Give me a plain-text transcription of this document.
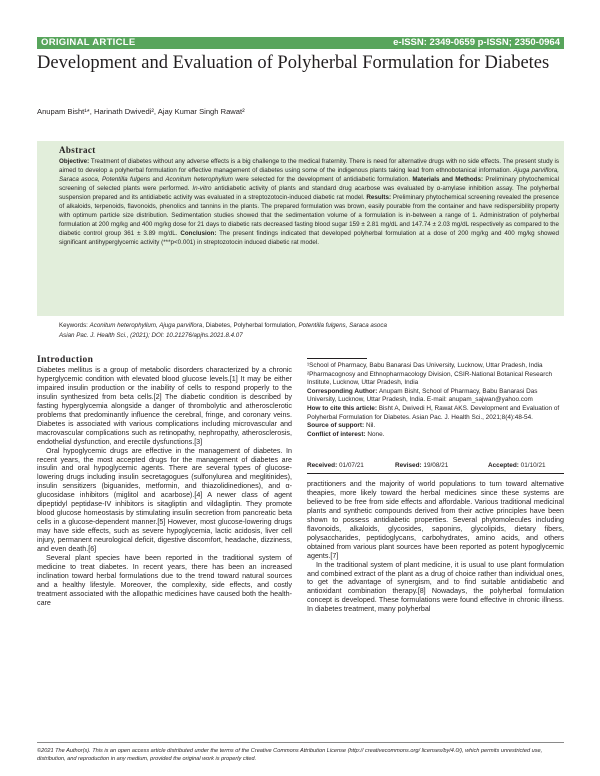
ORIGINAL ARTICLE	e-ISSN: 2349-0659 p-ISSN; 2350-0964
Development and Evaluation of Polyherbal Formulation for Diabetes
Anupam Bisht¹*, Harinath Dwivedi², Ajay Kumar Singh Rawat²
Abstract
Objective: Treatment of diabetes without any adverse effects is a big challenge to the medical fraternity. There is need for alternative drugs with no side effects. The present study is aimed to develop a polyherbal formulation for effective management of diabetes using some of the indigenous plants taking lead from ethnobotanical information. Ajuga parviflora, Saraca asoca, Potentilla fulgens and Aconitum heterophyllum were selected for the development of antidiabetic formulation. Materials and Methods: Preliminary phytochemical screening of selected plants were performed. In-vitro antidiabetic activity of plants and standard drug acarbose was evaluated by α-amylase inhibition assay. The polyherbal suspension prepared and its antidiabetic activity was evaluated in a streptozotocin-induced diabetic rat model. Results: Preliminary phytochemical screening revealed the presence of alkaloids, terpenoids, flavonoids, phenolics and tannins in the plants. The prepared formulation was brown, easily pourable from the container and have redispersibility property with optimum particle size distribution. Sedimentation studies showed that the sedimentation volume of a formulation is in-between a range of 1. Administration of polyherbal formulation at 200 mg/kg and 400 mg/kg dose for 21 days to diabetic rats decreased fasting blood sugar 159 ± 2.81 mg/dL and 147.74 ± 2.03 mg/dL respectively as compared to the diabetic control group 361 ± 3.89 mg/dL. Conclusion: The present findings indicated that developed polyherbal formulation at a dose of 200 mg/kg and 400 mg/kg showed significant antihyperglycemic activity (***p<0.001) in streptozotocin induced diabetic rat model.
Keywords: Aconitum heterophyllum, Ajuga parviflora, Diabetes, Polyherbal formulation, Potentilla fulgens, Saraca asoca
Asian Pac. J. Health Sci., (2021); DOI: 10.21276/apjhs.2021.8.4.07
Introduction

Diabetes mellitus is a group of metabolic disorders characterized by a chronic hyperglycemic condition with elevated blood glucose levels.[1] It may be either impaired insulin production or the inability of cells to respond properly to the insulin synthesized from beta cells.[2] The diabetic condition is described by fasting hyperglycemia alongside a danger of thrombolytic and atherosclerotic problems that predominantly influence the cerebral, fringe, and coronary veins. Diabetes is associated with various complications including microvascular and macrovascular complications such as retinopathy, nephropathy, atherosclerosis, endothelial dysfunction, and erectile dysfunctions.[3]

Oral hypoglycemic drugs are effective in the management of diabetes. In recent years, the most accepted drugs for the management of diabetes are insulin and oral hypoglycemic agents. There are several types of glucose-lowering drugs including insulin secretagogues (sulfonylurea and meglitinides), insulin sensitizers (biguanides, metformin, and thiazolidinediones), and α-glucosidase inhibitors (miglitol and acarbose).[4] A newer class of agent dipeptidyl peptidase-IV inhibitors is sitagliptin and vildagliptin. They promote blood glucose homeostasis by stimulating insulin secretion from pancreatic beta cells in a glucose-dependent manner.[5] However, most glucose-lowering drugs may have side effects, such as severe hypoglycemia, lactic acidosis, liver cell injury, permanent neurological deficit, digestive discomfort, headache, dizziness, and even death.[6]

Several plant species have been reported in the traditional system of medicine to treat diabetes. In recent years, there has been an increased inclination toward herbal formulations due to the trend toward natural sources and a healthy lifestyle. Moreover, the complexity, side effects, and costly treatment associated with the allopathic medicines have caused both the health-care

¹School of Pharmacy, Babu Banarasi Das University, Lucknow, Uttar Pradesh, India

²Pharmacognosy and Ethnopharmacology Division, CSIR-National Botanical Research Institute, Lucknow, Uttar Pradesh, India

Corresponding Author: Anupam Bisht, School of Pharmacy, Babu Banarasi Das University, Lucknow, Uttar Pradesh, India. E-mail: anupam_sajwan@yahoo.com

How to cite this article: Bisht A, Dwivedi H, Rawat AKS. Development and Evaluation of Polyherbal Formulation for Diabetes. Asian Pac. J. Health Sci., 2021;8(4):48-54.

Source of support: Nil.

Conflict of interest: None.

Received: 01/07/21	Revised: 19/08/21	Accepted: 01/10/21

practitioners and the majority of world populations to turn toward alternative theapies, more likely toward the herbal medicines since these systems are believed to be free from side effects and affordable. Various traditional medicinal plants and synthetic compounds derived from their active principles have been shown to possess antidiabetic properties. Several phytomolecules including flavonoids, alkaloids, glycosides, saponins, glycolipids, dietary fibers, polysaccharides, peptidoglycans, carbohydrates, amino acids, and others obtained from various plant sources have been reported as potent hypoglycemic agents.[7]

In the traditional system of plant medicine, it is usual to use plant formulation and combined extract of the plant as a drug of choice rather than individual ones, to get the advantage of synergism, and to find suitable antidiabetic and antioxidant combination therapy.[8] Nowadays, the polyherbal formulation concept is developed. These formulations were found effective in chronic illness. In diabetes treatment, many polyherbal

©2021 The Author(s). This is an open access article distributed under the terms of the Creative Commons Attribution License (http:// creativecommons.org/ licenses/by/4.0/), which permits unrestricted use, distribution, and reproduction in any medium, provided the original work is properly cited.
